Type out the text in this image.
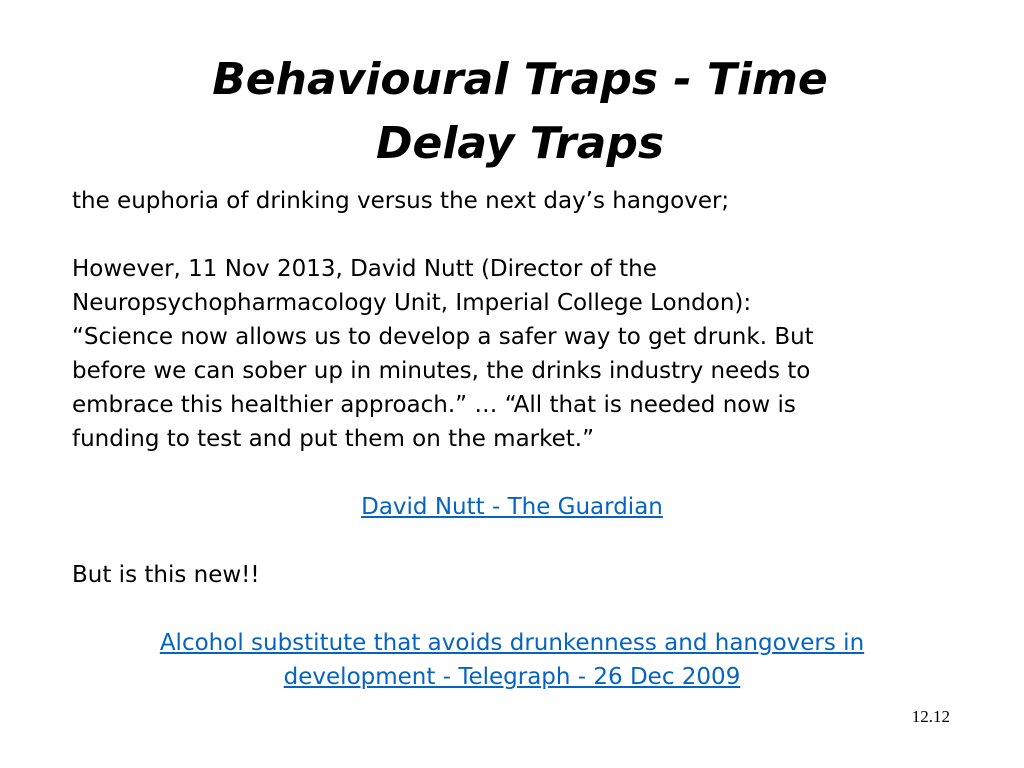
Behavioural Traps - Time
Delay Traps

the euphoria of drinking versus the next day’s hangover;

However, 11 Nov 2013, David Nutt (Director of the

Neuropsychopharmacology Unit, Imperial College London):

“Science now allows us to develop a safer way to get drunk. But

before we can sober up in minutes, the drinks industry needs to

embrace this healthier approach.” … “All that is needed now is

funding to test and put them on the market.”

David Nutt - The Guardian

But is this new!!

Alcohol substitute that avoids drunkenness and hangovers in

development - Telegraph - 26 Dec 2009

12.12
